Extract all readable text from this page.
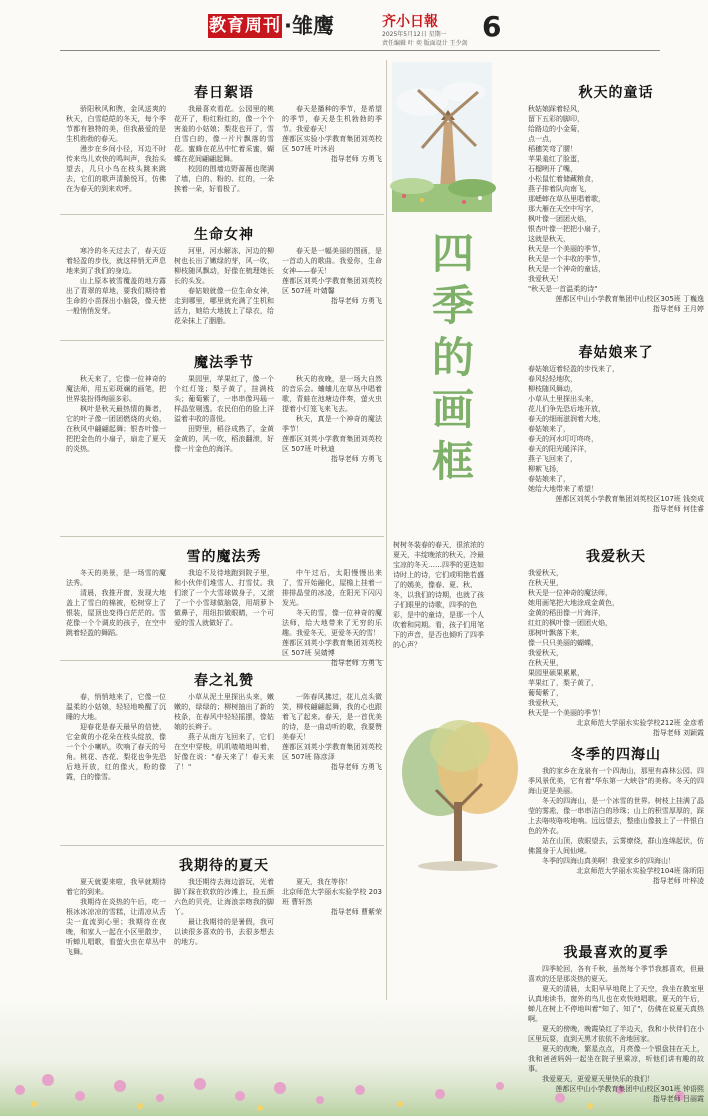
教育周刊 ·雏鹰	齐小日報
2025年5月12日 星期一
责任编辑 叶 奕 版面设计 王少剑
6
春日絮语

骄阳秋风和煦，金风送爽的秋天，白雪皑皑的冬天，每个季节都有独特的美，但我最爱的是生机勃勃的春天。

漫步在乡间小径，耳边不时传来鸟儿欢快的鸣叫声，我抬头望去，几只小鸟在枝头跳来跳去，它们的歌声清脆悦耳，仿佛在为春天的到来欢呼。

我最喜欢看花。公园里的桃花开了，粉红粉红的，像一个个害羞的小姑娘；梨花也开了，雪白雪白的，像一片片飘落的雪花。蜜蜂在花丛中忙着采蜜，蝴蝶在花间翩翩起舞。

校园的围墙边野蔷薇也爬满了墙，白的、粉的、红的，一朵挨着一朵，好看极了。

春天是播种的季节，是希望的季节，春天是生机勃勃的季节。我爱春天！

莲都区实验小学教育集团刘英校区 507班 叶沐岩

指导老师 方勇飞

生命女神

寒冷的冬天过去了，春天迈着轻盈的步伐，就这样悄无声息地来到了我们的身边。

山上原本被雪覆盖的地方露出了青翠的草地，要我们期待着生命的小苗探出小脑袋，像天使一般悄悄发芽。

河里，河水解冻，河边的柳树也长出了嫩绿的芽，风一吹，柳枝随风飘动，好像在梳理她长长的头发。

春姑娘就像一位生命女神，走到哪里，哪里就充满了生机和活力，她给大地披上了绿衣，给花朵抹上了胭脂。

春天是一幅美丽的图画，是一首动人的歌曲。我爱你，生命女神——春天！

莲都区刘英小学教育集团刘英校区 507班 叶婧馨

指导老师 方勇飞

魔法季节

秋天来了，它像一位神奇的魔法师，用五彩斑斓的画笔，把世界装扮得绚丽多彩。

枫叶是秋天最热情的舞者，它的叶子像一团团燃烧的火焰，在秋风中翩翩起舞；银杏叶像一把把金色的小扇子，扇走了夏天的炎热。

果园里，苹果红了，像一个个红灯笼；梨子黄了，挂满枝头；葡萄紫了，一串串像玛瑙一样晶莹剔透。农民伯伯的脸上洋溢着丰收的喜悦。

田野里，稻谷成熟了，金黄金黄的，风一吹，稻浪翻滚，好像一片金色的海洋。

秋天的夜晚，是一场大自然的音乐会。蛐蛐儿在草丛中唱着歌，青蛙在池塘边伴奏，萤火虫提着小灯笼飞来飞去。

秋天，真是一个神奇的魔法季节！

莲都区刘英小学教育集团刘英校区 507班 叶秋迪

指导老师 方勇飞

雪的魔法秀

冬天的美景，是一场雪的魔法秀。

清晨，我推开窗，发现大地盖上了雪白的棉被，松树穿上了银装，屋顶也变得白茫茫的。雪花像一个个调皮的孩子，在空中跳着轻盈的舞蹈。

我迫不及待地跑到院子里，和小伙伴们堆雪人、打雪仗。我们滚了一个大雪球做身子，又滚了一个小雪球做脑袋，用胡萝卜做鼻子，用纽扣做眼睛，一个可爱的雪人就做好了。

中午过后，太阳慢慢出来了，雪开始融化，屋檐上挂着一排排晶莹的冰凌，在阳光下闪闪发光。

冬天的雪，像一位神奇的魔法师，给大地带来了无穷的乐趣。我爱冬天，更爱冬天的雪！

莲都区刘英小学教育集团刘英校区 507班 吴婧博

指导老师 方勇飞

春之礼赞

春，悄悄地来了，它像一位温柔的小姑娘，轻轻地唤醒了沉睡的大地。

迎春花是春天最早的信使，它金黄的小花朵在枝头绽放，像一个个小喇叭，吹响了春天的号角。桃花、杏花、梨花也争先恐后地开放，红的像火，粉的像霞，白的像雪。

小草从泥土里探出头来，嫩嫩的，绿绿的；柳树抽出了新的枝条，在春风中轻轻摇摆，像姑娘的长辫子。

燕子从南方飞回来了，它们在空中穿梭，叽叽喳喳地叫着，好像在说："春天来了！春天来了！"

一阵春风拂过，花儿点头微笑，柳枝翩翩起舞，我的心也跟着飞了起来。春天，是一首优美的诗，是一曲动听的歌，我要赞美春天！

莲都区刘英小学教育集团刘英校区 507班 陈彦泽

指导老师 方勇飞

我期待的夏天

夏天就要来啦，我早就期待着它的到来。

我期待在炎热的午后，吃一根冰冰凉凉的雪糕，让清凉从舌尖一直流到心里；我期待在夜晚，和家人一起在小区里散步，听蝉儿唱歌，看萤火虫在草丛中飞舞。

我还期待去海边游玩，光着脚丫踩在软软的沙滩上，捡五颜六色的贝壳，让海浪亲吻我的脚丫。

最让我期待的是暑假，我可以读很多喜欢的书，去很多想去的地方。

夏天，我在等你！

北京师范大学丽水实验学校 203班 曹轩然

指导老师 曹紫荣

四
季
的
画
框
树树冬装春的春天，很浓浓的夏天，丰绽晚浓的秋天，冷最宝凉的冬天……四季的更迭如诗时上的诗，它们或明艳若盛了的嫣美，像春、夏、秋、冬，以我们的诗期，也就了孩子们眼里的诗歌，四季的色彩，是中的童诗，是那一个人吹着和同期。看，孩子们用笔下的声音，是否也倾听了四季的心声？
秋天的童话
秋姑娘踩着轻风，
留下五彩的脚印，
给路边的小金菊，
点一点，
稻穗笑弯了腰！
苹果羞红了脸蛋，
石榴咧开了嘴，
小松鼠忙着储藏粮食，
燕子排着队向南飞，
那蟋蟀在草丛里唱着歌，
那大雁在天空中写字，
枫叶像一团团火焰，
银杏叶像一把把小扇子，
这就是秋天，
秋天是一个美丽的季节，
秋天是一个丰收的季节，
秋天是一个神奇的童话，
我爱秋天！
"秋天是一首温柔的诗"
莲都区中山小学教育集团中山校区305班 丁巍逸
指导老师 王月婷
春姑娘来了
春姑娘迈着轻盈的步伐来了，
春风轻轻地吹，
柳枝随风舞动，
小草从土里探出头来，
花儿们争先恐后地开放，
春天的细雨滋润着大地，
春姑娘来了，
春天的河水叮叮咚咚，
春天的阳光暖洋洋，
燕子飞回来了，
柳絮飞扬，
春姑娘来了，
她给大地带来了希望！
莲都区刘英小学教育集团刘英校区107班 钱奕成
指导老师 何佳睿
我爱秋天
我爱秋天，
在秋天里，
秋天是一位神奇的魔法师，
她用画笔把大地涂成金黄色，
金黄的稻田像一片海洋，
红红的枫叶像一团团火焰，
那树叶飘落下来，
像一只只美丽的蝴蝶，
我爱秋天，
在秋天里，
果园里硕果累累，
苹果红了，梨子黄了，
葡萄紫了，
我爱秋天，
秋天是一个美丽的季节！
北京师范大学丽水实验学校212班 金彦希
指导老师 刘颖霞
冬季的四海山

我的家乡在龙泉有一个四海山，那里有森林公园、四季风景优美，它有着"华东第一大峡谷"的美称。冬天的四海山更是美丽。

冬天的四海山，是一个冰雪的世界。树枝上挂满了晶莹的雾凇，像一串串洁白的珍珠；山上的积雪厚厚的，踩上去咯吱咯吱地响。远远望去，整座山像披上了一件银白色的外衣。

站在山顶，放眼望去，云雾缭绕，群山连绵起伏，仿佛置身于人间仙境。

冬季的四海山真美啊！我爱家乡的四海山！

北京师范大学丽水实验学校104班 陈昕阳
指导老师 叶梓凌
我最喜欢的夏季

四季轮回，各有千秋，虽然每个季节我都喜欢，但最喜欢的还是那炎热的夏天。

夏天的清晨，太阳早早地爬上了天空，我坐在教室里认真地读书，窗外的鸟儿也在欢快地唱歌。夏天的午后，蝉儿在树上不停地叫着"知了、知了"，仿佛在说夏天真热啊。

夏天的傍晚，晚霞染红了半边天，我和小伙伴们在小区里玩耍，直到天黑才依依不舍地回家。

夏天的夜晚，繁星点点，月亮像一个银盘挂在天上，我和爸爸妈妈一起坐在院子里乘凉，听他们讲有趣的故事。

我爱夏天，更爱夏天里快乐的我们！

莲都区中山小学教育集团中山校区301班 钟语熙
指导老师 吕丽霞
